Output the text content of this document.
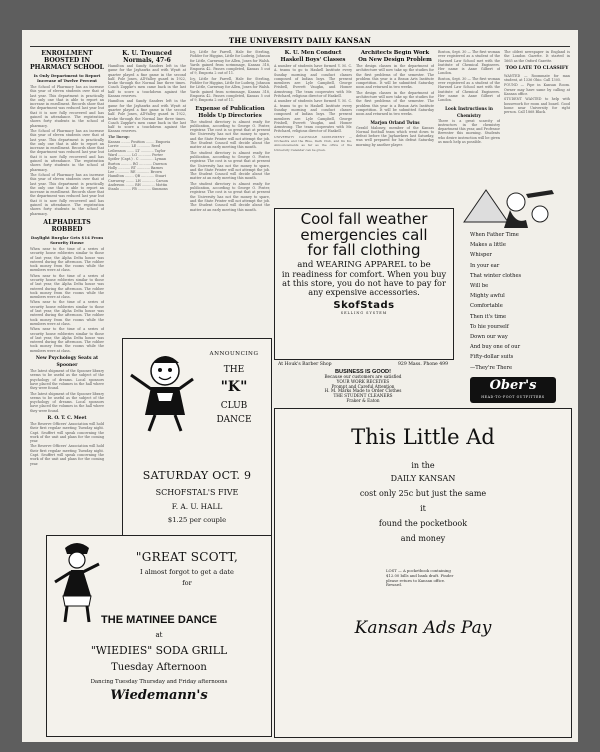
THE UNIVERSITY DAILY KANSAN
ENROLLMENT BOOSTED IN PHARMACY SCHOOL
Is Only Department to Report Increase of Twelve Percent

The School of Pharmacy has an increase this year of eleven students over that of last year. This department is practically the only one that is able to report an increase in enrollment. Records show that the department was reduced last year but that it is now fully recovered and has gained in attendance. The registration shows forty students in the school of pharmacy.

The School of Pharmacy has an increase this year of eleven students over that of last year. This department is practically the only one that is able to report an increase in enrollment. Records show that the department was reduced last year but that it is now fully recovered and has gained in attendance. The registration shows forty students in the school of pharmacy.

The School of Pharmacy has an increase this year of eleven students over that of last year. This department is practically the only one that is able to report an increase in enrollment. Records show that the department was reduced last year but that it is now fully recovered and has gained in attendance. The registration shows forty students in the school of pharmacy.

ALPHADELTS ROBBED
Daylight Burglar Gets $14 From Sorority House

When near to the time of a series of security house robberies similar to those of last year, the Alpha Delta house was entered during the afternoon. The robber took money from the rooms while the members were at class.

When near to the time of a series of security house robberies similar to those of last year, the Alpha Delta house was entered during the afternoon. The robber took money from the rooms while the members were at class.

When near to the time of a series of security house robberies similar to those of last year, the Alpha Delta house was entered during the afternoon. The robber took money from the rooms while the members were at class.

When near to the time of a series of security house robberies similar to those of last year, the Alpha Delta house was entered during the afternoon. The robber took money from the rooms while the members were at class.

New Psychology Seats at Spooner

The latest shipment of the Spooner library seems to be useful as the subject of the psychology of dreams. Local sponsors have placed the volumes in the hall where they were found.

The latest shipment of the Spooner library seems to be useful as the subject of the psychology of dreams. Local sponsors have placed the volumes in the hall where they were found.

R. O. T. C. Meet

The Reserve Officers' Association will hold their first regular meeting Tuesday night. Capt. Seuffert will speak concerning the work of the unit and plans for the coming year.

The Reserve Officers' Association will hold their first regular meeting Tuesday night. Capt. Seuffert will speak concerning the work of the unit and plans for the coming year.

K. U. Trounced Normals, 47-6

Hamilton and Sandy Sanders left in the game for the Jayhawks and with Wyatt at quarter played a fine game in the second half. Pole Jones, All-Valley guard in 1922, broke through the Normal line three times. Coach Zuppke's men came back in the last half to score a touchdown against the Kansas reserves.

Hamilton and Sandy Sanders left in the game for the Jayhawks and with Wyatt at quarter played a fine game in the second half. Pole Jones, All-Valley guard in 1922, broke through the Normal line three times. Coach Zuppke's men came back in the last half to score a touchdown against the Kansas reserves.

The lineup:

Kansas ........ Position ........ Emporia
Lorrie .......... LE ............ Reed
Leibenson ....... LT ............ Taylor
Ward ............ LG ............ Porter
Spitler (Capt.) . C ............. Lyman
Burton .......... RG ............ Dawson
Holly ........... RT ............ Barnes
Lee ............. RE ............ Brown
Hamilton ........ QB ............ Stuart
Carraway ........ LH ............ Carson
Anderson ........ RH ............ Mottin
Stanlo .......... FB ............ Simmons

Icy, Little for Farrell, Hale for Sterling, Fodder for Higgins, Little for Ludwig, Johnson for Little, Carraway for Allen, Jones for Walsh. Yards gained from scrimmage, Kansas 318, Emporia 42. Passes completed, Kansas 5 out of 9, Emporia 2 out of 11.

Icy, Little for Farrell, Hale for Sterling, Fodder for Higgins, Little for Ludwig, Johnson for Little, Carraway for Allen, Jones for Walsh. Yards gained from scrimmage, Kansas 318, Emporia 42. Passes completed, Kansas 5 out of 9, Emporia 2 out of 11.

Expense of Publication Holds Up Directories

The student directory is almost ready for publication, according to George O. Foster, registrar. The cost is so great that at present the University has not the money to spare, and the State Printer will not attempt the job. The Student Council will decide about the matter at an early meeting this month.

The student directory is almost ready for publication, according to George O. Foster, registrar. The cost is so great that at present the University has not the money to spare, and the State Printer will not attempt the job. The Student Council will decide about the matter at an early meeting this month.

The student directory is almost ready for publication, according to George O. Foster, registrar. The cost is so great that at present the University has not the money to spare, and the State Printer will not attempt the job. The Student Council will decide about the matter at an early meeting this month.

K. U. Men Conduct Haskell Boys' Classes

A number of students have formed Y. M. C. A. teams to go to Haskell Institute every Sunday morning and conduct classes composed of Indian boys. The present members are: Lyle Campbell, George Frisbell, Everett Vaughn, and Homer Armstrong. The team cooperates with Mr. Pritchard, religious director of Haskell.

A number of students have formed Y. M. C. A. teams to go to Haskell Institute every Sunday morning and conduct classes composed of Indian boys. The present members are: Lyle Campbell, George Frisbell, Everett Vaughn, and Homer Armstrong. The team cooperates with Mr. Pritchard, religious director of Haskell.

UNIVERSITY CALENDAR SUPPLEMENT — Orchestra and the Blue, Dark Club, and Ku Ku. Announcements as far as the office of the University Calendar can be given.

Architects Begin Work On New Design Problem

The design classes in the department of architecture will now take up the studies for the first problems of the semester. The problem this year is a Beaux Arts Institute competition. It will be submitted Saturday noon and returned in two weeks.

The design classes in the department of architecture will now take up the studies for the first problems of the semester. The problem this year is a Beaux Arts Institute competition. It will be submitted Saturday noon and returned in two weeks.

Marjon Orland Twins

Gerald Maloney, member of the Kansas Normal football team which went down to defeat before the Jayhawkers last Saturday, was well prepared for his defeat Saturday morning by another player.

Boston, Sept. 30 — The first woman ever registered as a student of the Harvard Law School met with the Institute of Chemical Engineers. Her name is Anne Gilbert of London.

Boston, Sept. 30 — The first woman ever registered as a student of the Harvard Law School met with the Institute of Chemical Engineers. Her name is Anne Gilbert of London.

Look Instructions in Chemistry

There is a great scarcity of instructors in the chemistry department this year, and Professor Brewster this morning. Students who desire instruction will be given as much help as possible.

The oldest newspaper in England is the London Gazette. It started in 1665 as the Oxford Gazette.

TOO LATE TO CLASSIFY

WANTED — Roommate for man student, at 1336 Ohio. Call 1305.

FOUND — Pipe in Kansan Room. Owner may have same by calling at Kansan office.

STUDENT WANTED to help with housework for room and board. Good home near University for right person. Call 1868 Black.

Cool fall weather
emergencies call
for fall clothing
and WEARING APPAREL to be
in readiness for comfort. When you buy at this store, you do not have to pay for any expensive accessories.
SkofStads
SELLING SYSTEM
When Father Time
Makes a little
Whisper
In your ear
That winter clothes
Will be
Mighty awful
Comfortable
Then it's time
To hie yourself
Down our way
And buy one of our
Fifty-dollar suits
—They're There
Ober's
HEAD-TO-FOOT OUTFITTERS
At Houk's Barber Shop	929 Mass. Phone 499
BUSINESS IS GOOD!
Because our customers are satisfied
YOUR WORK RECEIVES
Prompt and Careful Attention
H. M. Marks Made to Order Clothes
THE STUDENT CLEANERS
Fraker & Eaton
ANNOUNCING
THE
"K"
CLUB
DANCE
SATURDAY OCT. 9
SCHOFSTAL'S FIVE
F. A. U. HALL
$1.25 per couple
"GREAT SCOTT,
I almost forgot to get a date
for
THE MATINEE DANCE
at
"WIEDIES" SODA GRILL
Tuesday Afternoon
Dancing Tuesday Thursday and Friday afternoons
Wiedemann's
This Little Ad
in the
DAILY KANSAN
cost only 25c but just the same
it
found the pocketbook
and money
LOST — A pocketbook containing $12.00 bills and bank draft. Finder please return to Kansan office. Reward.
Kansan Ads Pay
